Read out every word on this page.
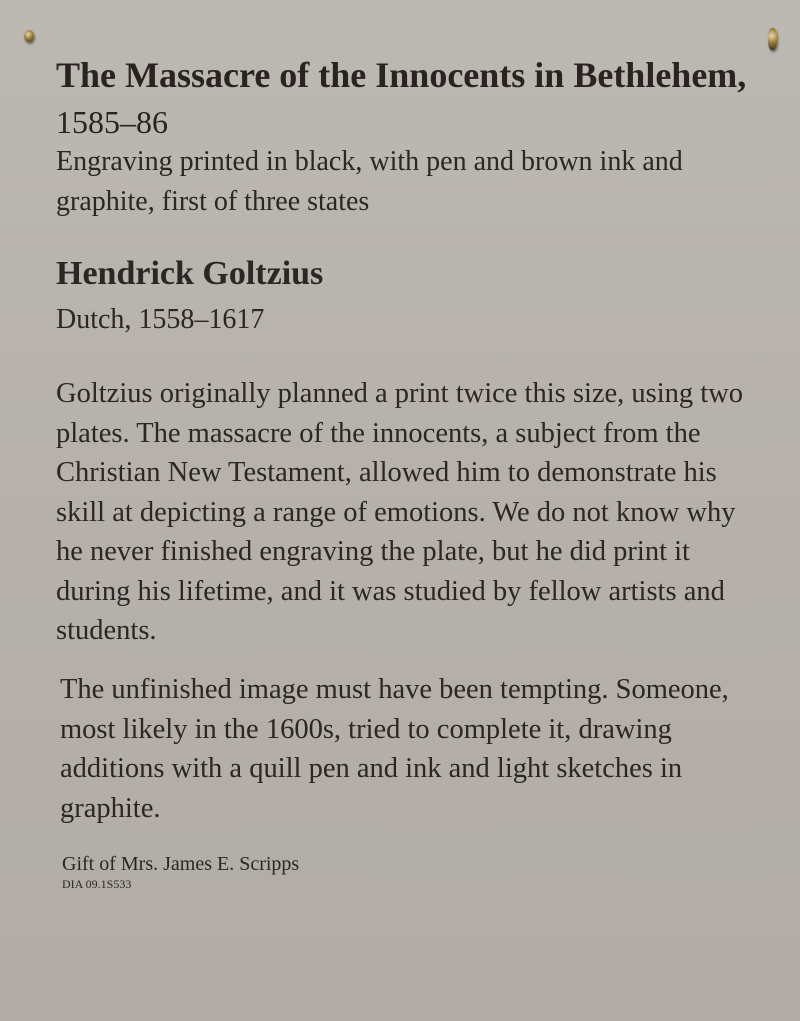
The Massacre of the Innocents in Bethlehem, 1585–86

Engraving printed in black, with pen and brown ink and graphite, first of three states

Hendrick Goltzius

Dutch, 1558–1617

Goltzius originally planned a print twice this size, using two plates. The massacre of the innocents, a subject from the Christian New Testament, allowed him to demonstrate his skill at depicting a range of emotions. We do not know why he never finished engraving the plate, but he did print it during his lifetime, and it was studied by fellow artists and students.

The unfinished image must have been tempting. Someone, most likely in the 1600s, tried to complete it, drawing additions with a quill pen and ink and light sketches in graphite.

Gift of Mrs. James E. Scripps

DIA 09.1S533
